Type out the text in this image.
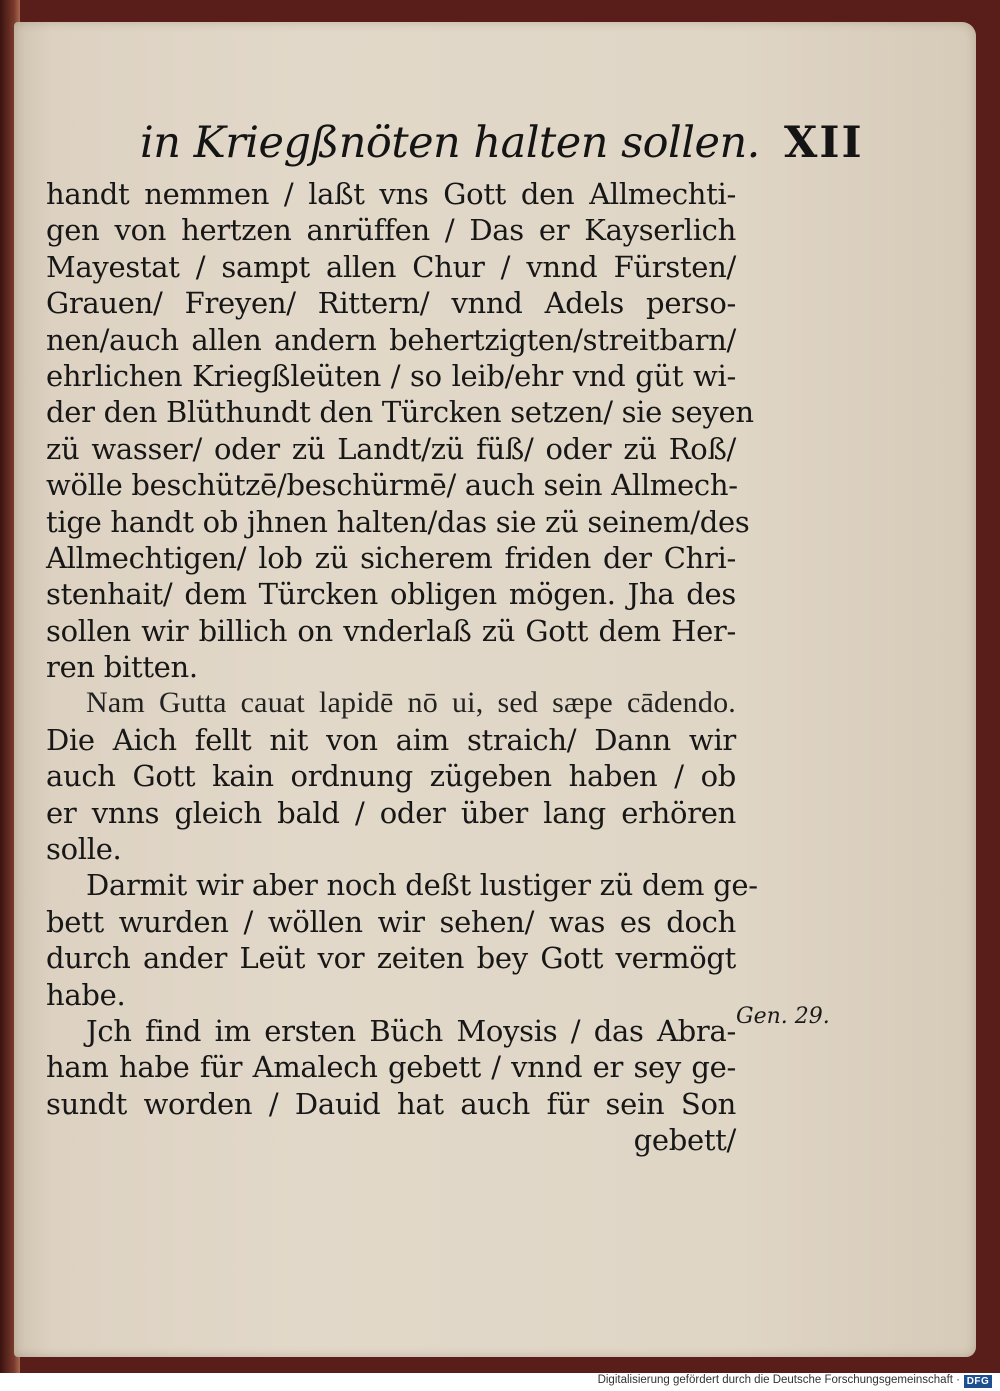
in Kriegßnöten halten sollen. XII
handt nemmen / laßt vns Gott den Allmechti-
gen von hertzen anrüffen / Das er Kayserlich
Mayestat / sampt allen Chur / vnnd Fürsten/
Grauen/ Freyen/ Rittern/ vnnd Adels perso-
nen/auch allen andern behertzigten/streitbarn/
ehrlichen Kriegßleüten / so leib/ehr vnd güt wi-
der den Blüthundt den Türcken setzen/ sie seyen
zü wasser/ oder zü Landt/zü füß/ oder zü Roß/
wölle beschützē/beschürmē/ auch sein Allmech-
tige handt ob jhnen halten/das sie zü seinem/des
Allmechtigen/ lob zü sicherem friden der Chri-
stenhait/ dem Türcken obligen mögen. Jha des
sollen wir billich on vnderlaß zü Gott dem Her-
ren bitten.
Nam Gutta cauat lapidē nō ui, sed sæpe cādendo.
Die Aich fellt nit von aim straich/ Dann wir
auch Gott kain ordnung zügeben haben / ob
er vnns gleich bald / oder über lang erhören
solle.
Darmit wir aber noch deßt lustiger zü dem ge-
bett wurden / wöllen wir sehen/ was es doch
durch ander Leüt vor zeiten bey Gott vermögt
habe.
Jch find im ersten Büch Moysis / das Abra-
ham habe für Amalech gebett / vnnd er sey ge-
sundt worden / Dauid hat auch für sein Son
gebett/
Gen. 29.
Digitalisierung gefördert durch die Deutsche Forschungsgemeinschaft · DFG
